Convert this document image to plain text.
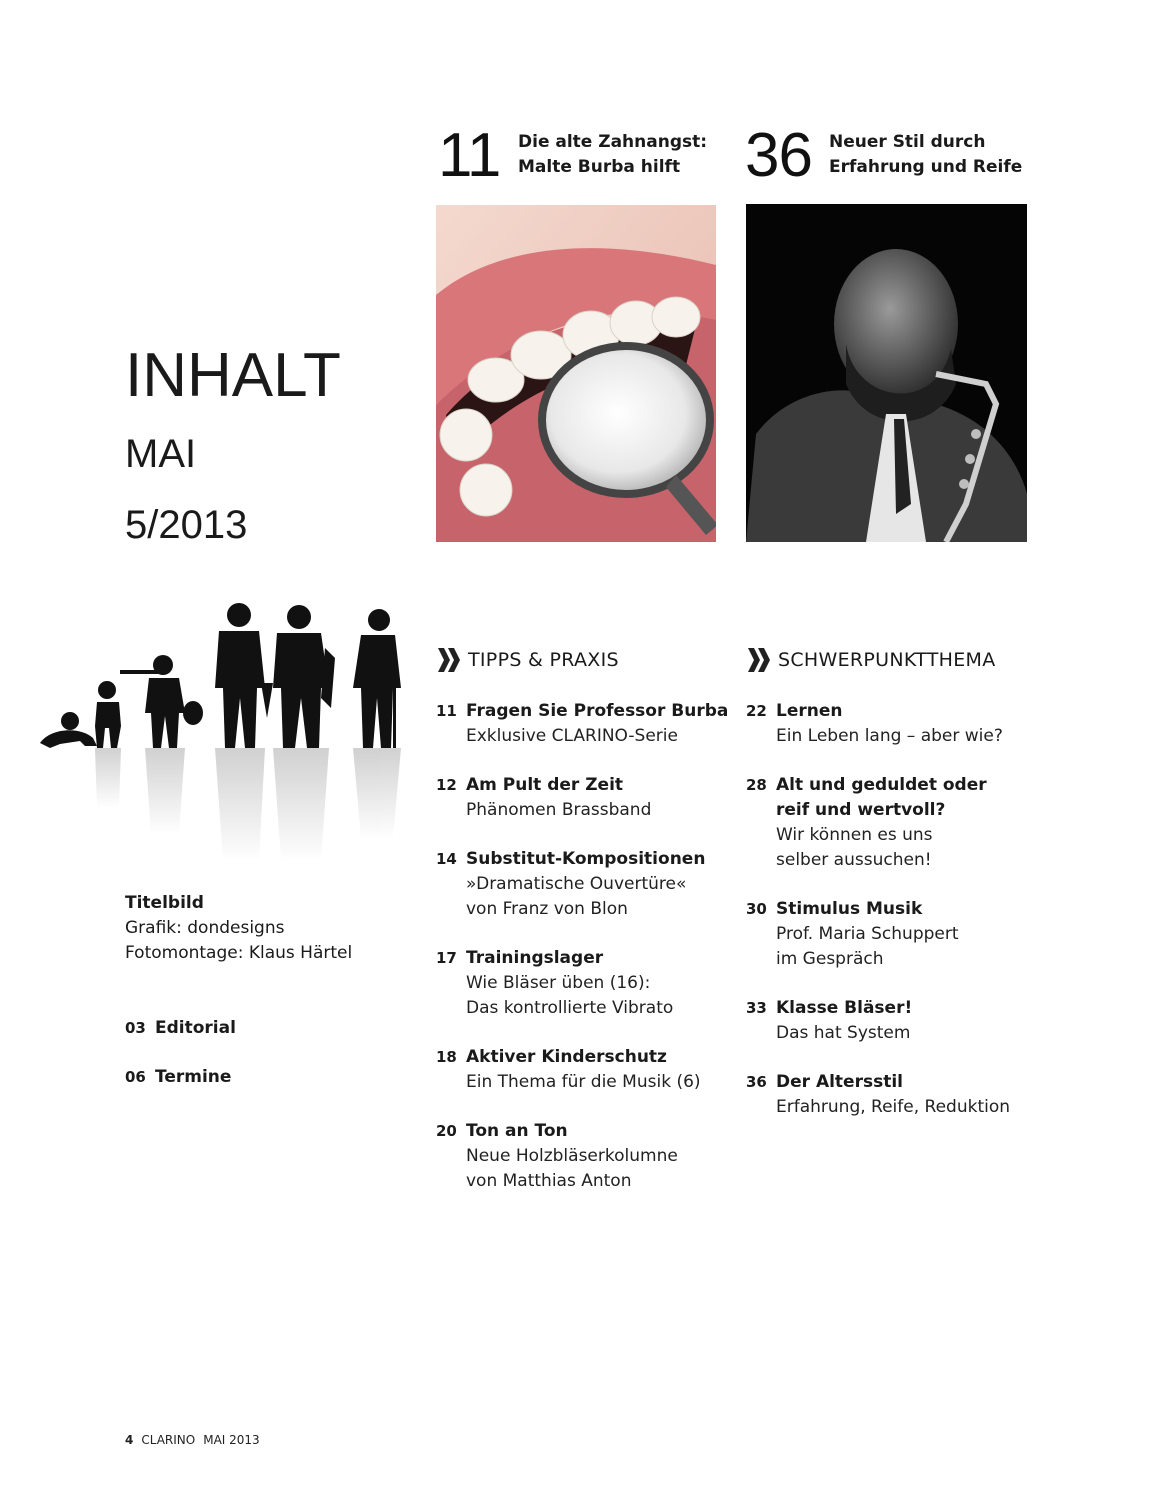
11 Die alte Zahnangst:
Malte Burba hilft	36 Neuer Stil durch
Erfahrung und Reife
INHALT
MAI
5/2013
Titelbild
Grafik: dondesigns
Fotomontage: Klaus Härtel
03 Editorial
06 Termine
TIPPS & PRAXIS
11 Fragen Sie Professor Burba
Exklusive CLARINO-Serie
12 Am Pult der Zeit
Phänomen Brassband
14 Substitut-Kompositionen
»Dramatische Ouvertüre«
von Franz von Blon
17 Trainingslager
Wie Bläser üben (16):
Das kontrollierte Vibrato
18 Aktiver Kinderschutz
Ein Thema für die Musik (6)
20 Ton an Ton
Neue Holzbläserkolumne
von Matthias Anton
SCHWERPUNKTTHEMA
22 Lernen
Ein Leben lang – aber wie?
28 Alt und geduldet oder
reif und wertvoll?
Wir können es uns
selber aussuchen!
30 Stimulus Musik
Prof. Maria Schuppert
im Gespräch
33 Klasse Bläser!
Das hat System
36 Der Altersstil
Erfahrung, Reife, Reduktion
4 CLARINO MAI 2013
